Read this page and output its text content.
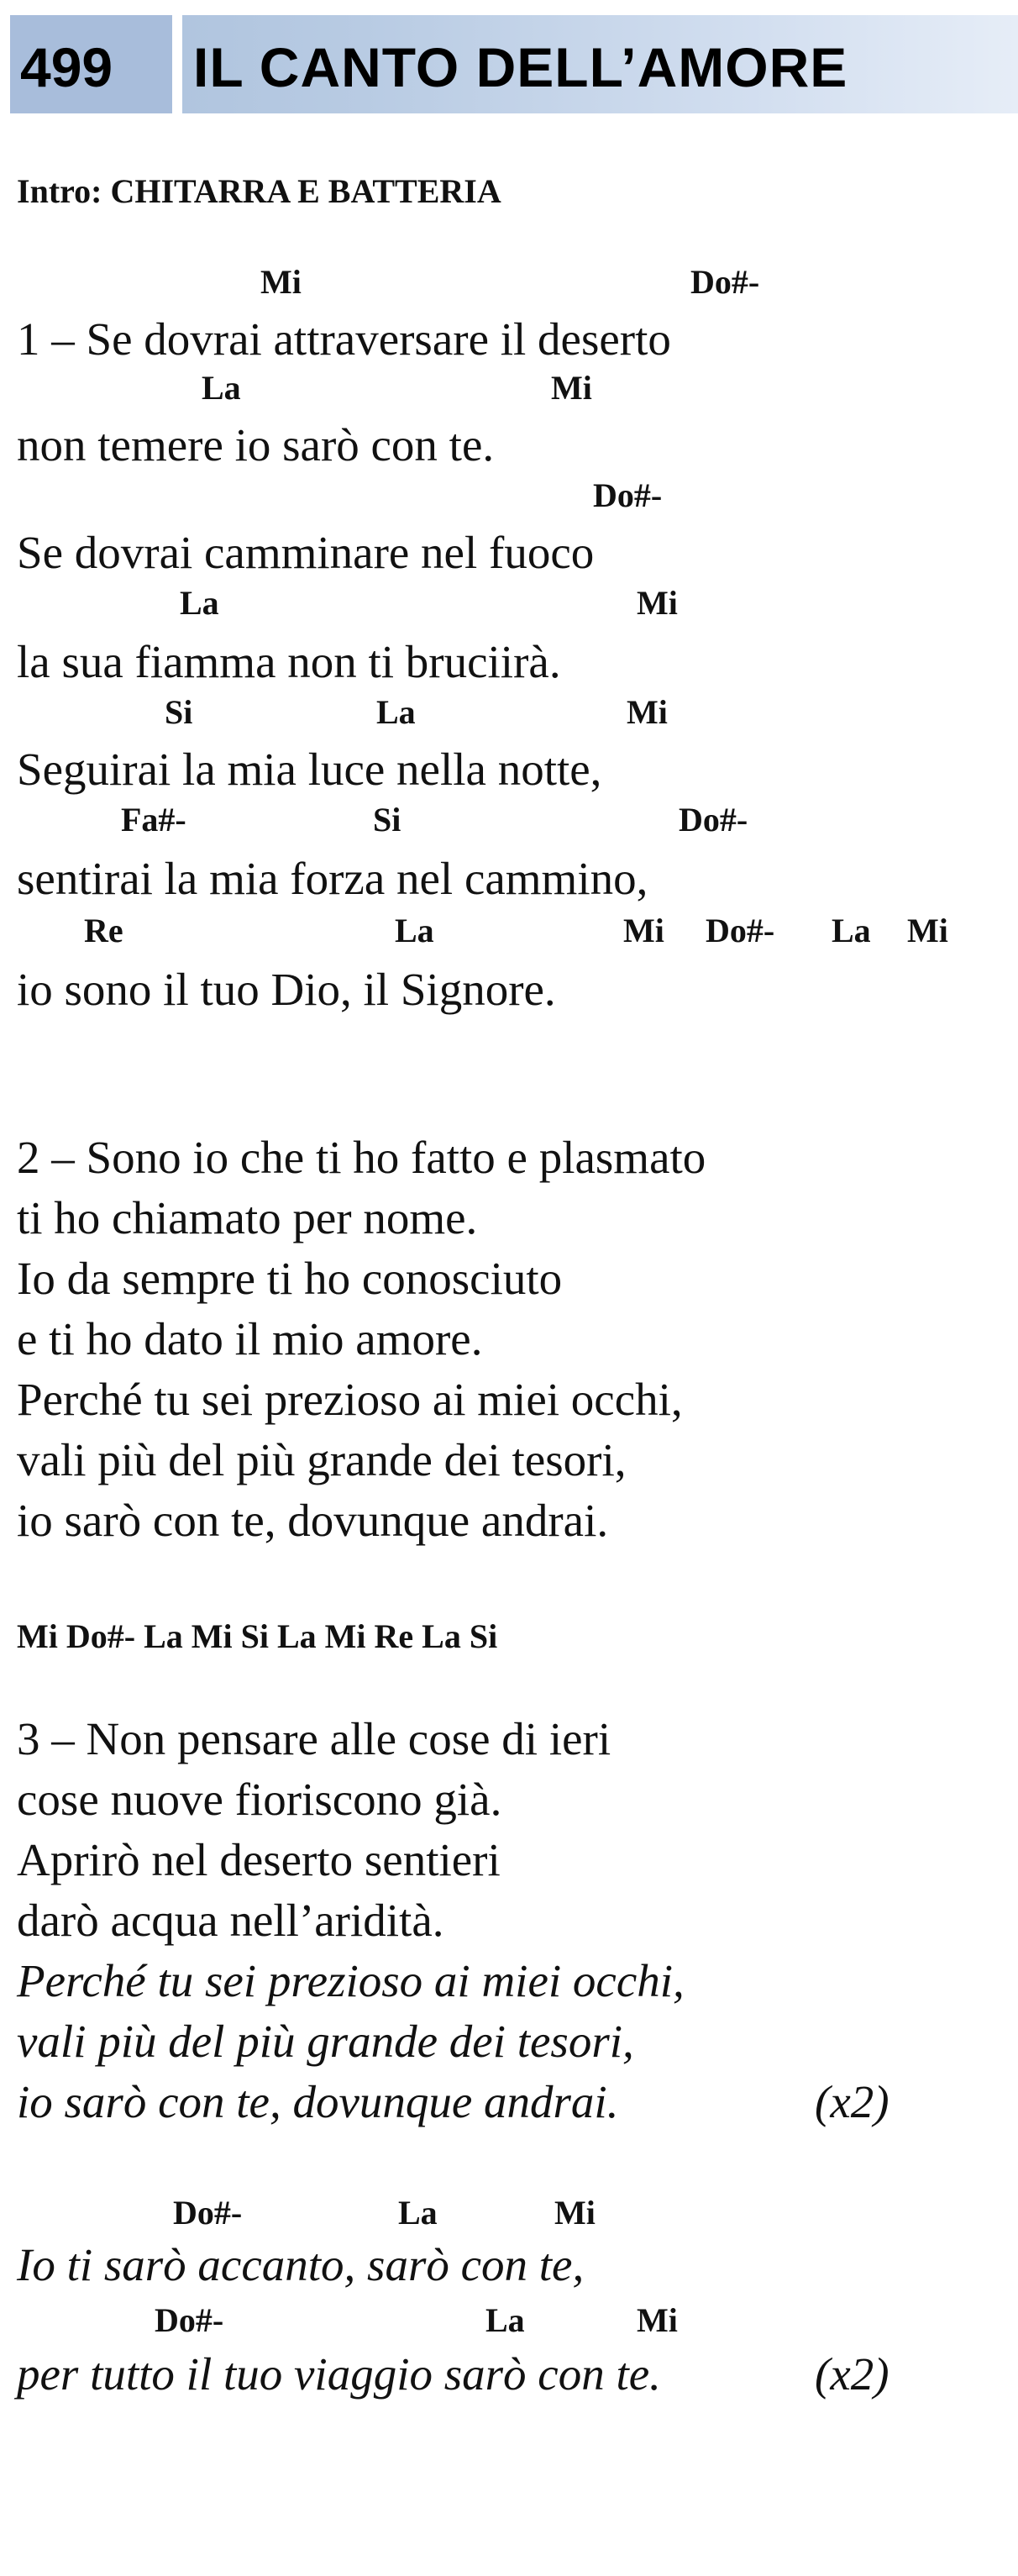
499 IL CANTO DELL’AMORE
Intro: CHITARRA E BATTERIA
Mi	Do#-
La	Mi
Do#-
La	Mi
Si	La	Mi
Fa#-	Si	Do#-
Re	La	Mi Do#- La Mi
1 – Se dovrai attraversare il deserto
non temere io sarò con te.
Se dovrai camminare nel fuoco
la sua fiamma non ti bruciirà.
Seguirai la mia luce nella notte,
sentirai la mia forza nel cammino,
io sono il tuo Dio, il Signore.
2 – Sono io che ti ho fatto e plasmato
ti ho chiamato per nome.
Io da sempre ti ho conosciuto
e ti ho dato il mio amore.
Perché tu sei prezioso ai miei occhi,
vali più del più grande dei tesori,
io sarò con te, dovunque andrai.
Mi Do#- La Mi Si La Mi Re La Si
3 – Non pensare alle cose di ieri
cose nuove fioriscono già.
Aprirò nel deserto sentieri
darò acqua nell’aridità.
Perché tu sei prezioso ai miei occhi,
vali più del più grande dei tesori,
io sarò con te, dovunque andrai.	(x2)
Do#-	La	Mi
Io ti sarò accanto, sarò con te,
Do#-	La	Mi
per tutto il tuo viaggio sarò con te.	(x2)
